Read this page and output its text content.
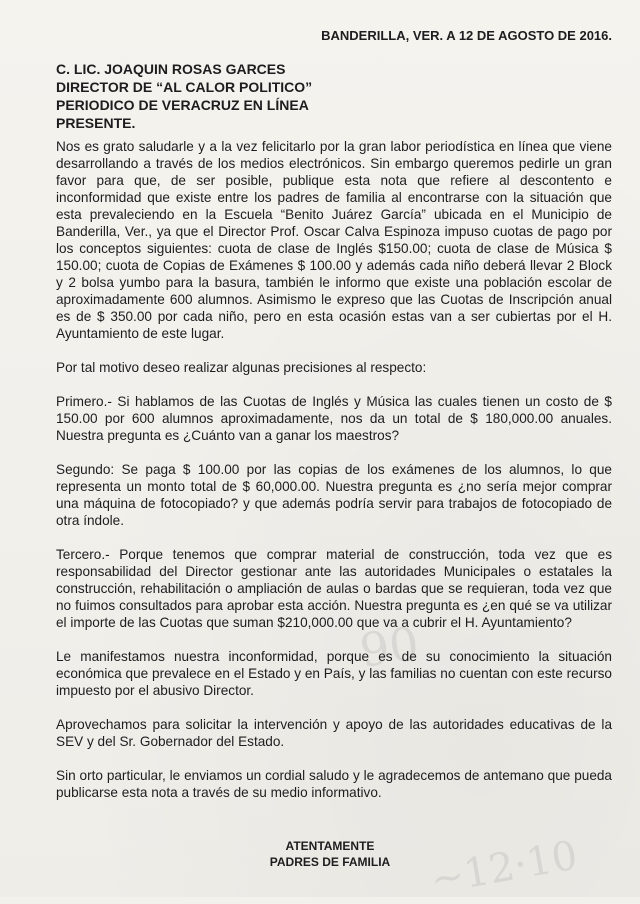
90
~12·10
BANDERILLA, VER. A 12 DE AGOSTO DE 2016.
C. LIC. JOAQUIN ROSAS GARCES
DIRECTOR DE “AL CALOR POLITICO”
PERIODICO DE VERACRUZ EN LÍNEA
PRESENTE.

Nos es grato saludarle y a la vez felicitarlo por la gran labor periodística en línea que viene desarrollando a través de los medios electrónicos. Sin embargo queremos pedirle un gran favor para que, de ser posible, publique esta nota que refiere al descontento e inconformidad que existe entre los padres de familia al encontrarse con la situación que esta prevaleciendo en la Escuela “Benito Juárez García” ubicada en el Municipio de Banderilla, Ver., ya que el Director Prof. Oscar Calva Espinoza impuso cuotas de pago por los conceptos siguientes: cuota de clase de Inglés $150.00; cuota de clase de Música $ 150.00; cuota de Copias de Exámenes $ 100.00 y además cada niño deberá llevar 2 Block y 2 bolsa yumbo para la basura, también le informo que existe una población escolar de aproximadamente 600 alumnos. Asimismo le expreso que las Cuotas de Inscripción anual es de $ 350.00 por cada niño, pero en esta ocasión estas van a ser cubiertas por el H. Ayuntamiento de este lugar.

Por tal motivo deseo realizar algunas precisiones al respecto:

Primero.- Si hablamos de las Cuotas de Inglés y Música las cuales tienen un costo de $ 150.00 por 600 alumnos aproximadamente, nos da un total de $ 180,000.00 anuales. Nuestra pregunta es ¿Cuánto van a ganar los maestros?

Segundo: Se paga $ 100.00 por las copias de los exámenes de los alumnos, lo que representa un monto total de $ 60,000.00. Nuestra pregunta es ¿no sería mejor comprar una máquina de fotocopiado? y que además podría servir para trabajos de fotocopiado de otra índole.

Tercero.- Porque tenemos que comprar material de construcción, toda vez que es responsabilidad del Director gestionar ante las autoridades Municipales o estatales la construcción, rehabilitación o ampliación de aulas o bardas que se requieran, toda vez que no fuimos consultados para aprobar esta acción. Nuestra pregunta es ¿en qué se va utilizar el importe de las Cuotas que suman $210,000.00 que va a cubrir el H. Ayuntamiento?

Le manifestamos nuestra inconformidad, porque es de su conocimiento la situación económica que prevalece en el Estado y en País, y las familias no cuentan con este recurso impuesto por el abusivo Director.

Aprovechamos para solicitar la intervención y apoyo de las autoridades educativas de la SEV y del Sr. Gobernador del Estado.

Sin orto particular, le enviamos un cordial saludo y le agradecemos de antemano que pueda publicarse esta nota a través de su medio informativo.

ATENTAMENTE
PADRES DE FAMILIA
